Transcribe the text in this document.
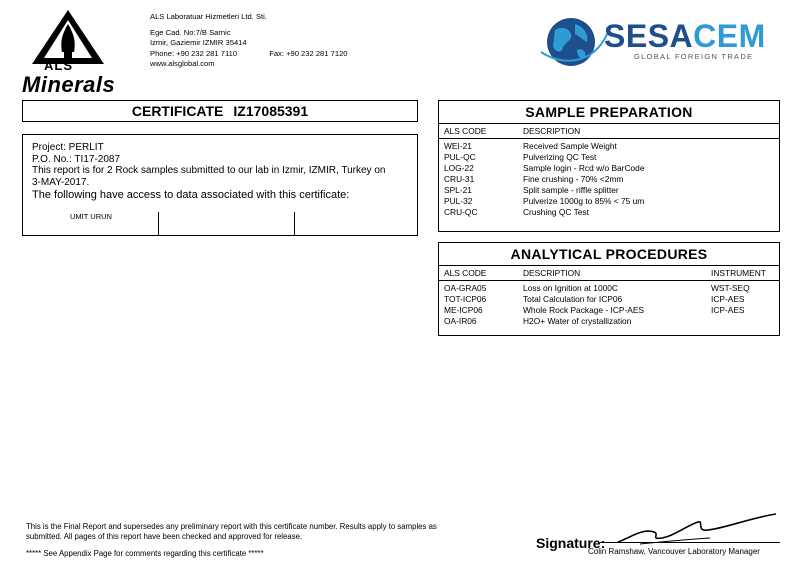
ALS
Minerals
ALS Laboratuar Hizmetleri Ltd. Sti.
Ege Cad. No:7/B Sarnic
Izmir, Gaziemir IZMIR 35414
Phone: +90 232 281 7110	Fax: +90 232 281 7120
www.alsglobal.com
SESACEM
GLOBAL FOREIGN TRADE
CERTIFICATE IZ17085391
Project: PERLIT
P.O. No.: TI17-2087
This report is for 2 Rock samples submitted to our lab in Izmir, IZMIR, Turkey on
3-MAY-2017.
The following have access to data associated with this certificate:
UMIT URUN
SAMPLE PREPARATION
ALS CODE	DESCRIPTION
WEI-21	Received Sample Weight
PUL-QC	Pulverizing QC Test
LOG-22	Sample login - Rcd w/o BarCode
CRU-31	Fine crushing - 70% <2mm
SPL-21	Split sample - riffle splitter
PUL-32	Pulverize 1000g to 85% < 75 um
CRU-QC	Crushing QC Test
ANALYTICAL PROCEDURES
ALS CODE	DESCRIPTION	INSTRUMENT
OA-GRA05	Loss on Ignition at 1000C	WST-SEQ
TOT-ICP06	Total Calculation for ICP06	ICP-AES
ME-ICP06	Whole Rock Package - ICP-AES	ICP-AES
OA-IR06	H2O+ Water of crystallization
This is the Final Report and supersedes any preliminary report with this certificate number. Results apply to samples as
submitted. All pages of this report have been checked and approved for release.
***** See Appendix Page for comments regarding this certificate *****
Signature:
Colin Ramshaw, Vancouver Laboratory Manager
